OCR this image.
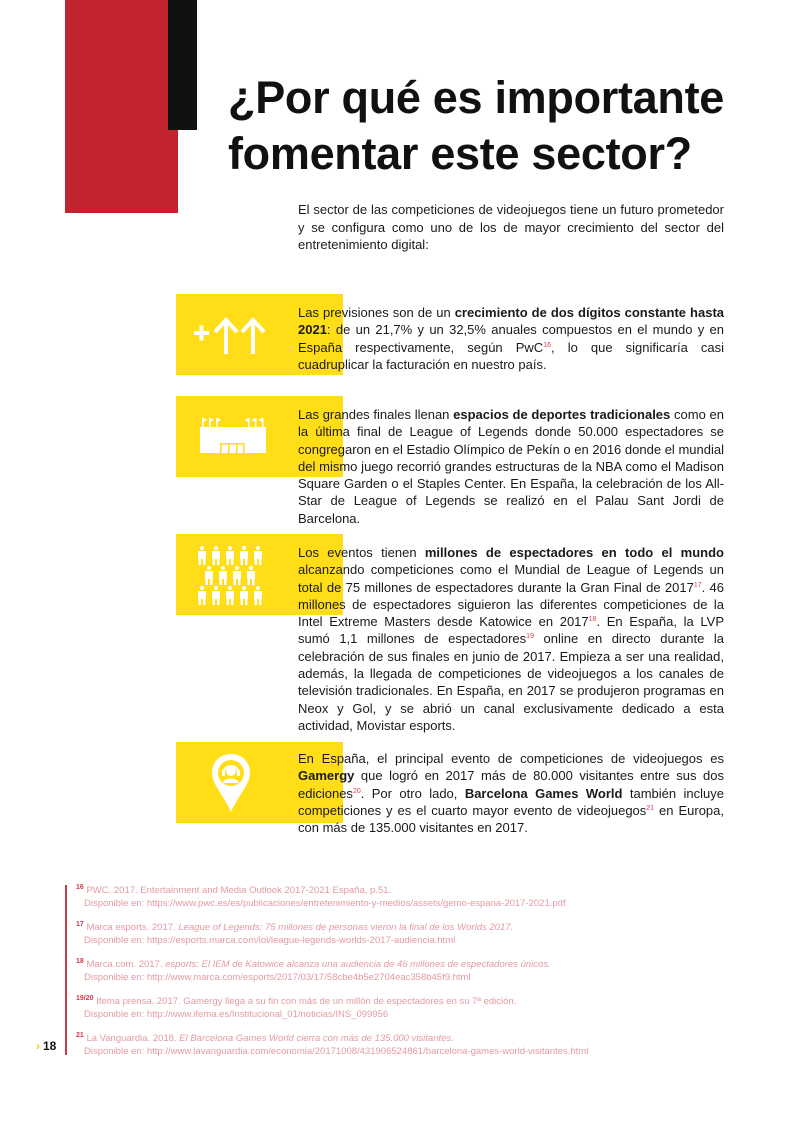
¿Por qué es importante
fomentar este sector?

El sector de las competiciones de videojuegos tiene un futuro prometedor y se configura como uno de los de mayor crecimiento del sector del entretenimiento digital:

Las previsiones son de un crecimiento de dos dígitos constante hasta 2021: de un 21,7% y un 32,5% anuales compuestos en el mundo y en España respectivamente, según PwC$^{16}$, lo que significaría casi cuadruplicar la facturación en nuestro país.

Las grandes finales llenan espacios de deportes tradicionales como en la última final de League of Legends donde 50.000 espectadores se congregaron en el Estadio Olímpico de Pekín o en 2016 donde el mundial del mismo juego recorrió grandes estructuras de la NBA como el Madison Square Garden o el Staples Center. En España, la celebración de los All-Star de League of Legends se realizó en el Palau Sant Jordi de Barcelona.

Los eventos tienen millones de espectadores en todo el mundo alcanzando competiciones como el Mundial de League of Legends un total de 75 millones de espectadores durante la Gran Final de 2017$^{17}$. 46 millones de espectadores siguieron las diferentes competiciones de la Intel Extreme Masters desde Katowice en 2017$^{18}$. En España, la LVP sumó 1,1 millones de espectadores$^{19}$ online en directo durante la celebración de sus finales en junio de 2017. Empieza a ser una realidad, además, la llegada de competiciones de videojuegos a los canales de televisión tradicionales. En España, en 2017 se produjeron programas en Neox y Gol, y se abrió un canal exclusivamente dedicado a esta actividad, Movistar esports.

En España, el principal evento de competiciones de videojuegos es Gamergy que logró en 2017 más de 80.000 visitantes entre sus dos ediciones$^{20}$. Por otro lado, Barcelona Games World también incluye competiciones y es el cuarto mayor evento de videojuegos$^{21}$ en Europa, con más de 135.000 visitantes en 2017.

$^{16}$ PWC. 2017. Entertainment and Media Outlook 2017-2021 España, p.51.
Disponible en: https://www.pwc.es/es/publicaciones/entretenimiento-y-medios/assets/gemo-espana-2017-2021.pdf
$^{17}$ Marca esports. 2017. League of Legends: 75 millones de personas vieron la final de los Worlds 2017.
Disponible en: https://esports.marca.com/lol/league-legends-worlds-2017-audiencia.html
$^{18}$ Marca.com. 2017. esports: El IEM de Katowice alcanza una audiencia de 46 millones de espectadores únicos.
Disponible en: http://www.marca.com/esports/2017/03/17/58cbe4b5e2704eac358b45f9.html
$^{19/20}$ Ifema prensa. 2017. Gamergy llega a su fin con más de un millón de espectadores en su 7ª edición.
Disponible en: http://www.ifema.es/Institucional_01/noticias/INS_099956
$^{21}$ La Vanguardia. 2018. El Barcelona Games World cierra con más de 135.000 visitantes.
Disponible en: http://www.lavanguardia.com/economia/20171008/431906524861/barcelona-games-world-visitantes.html
› 18
